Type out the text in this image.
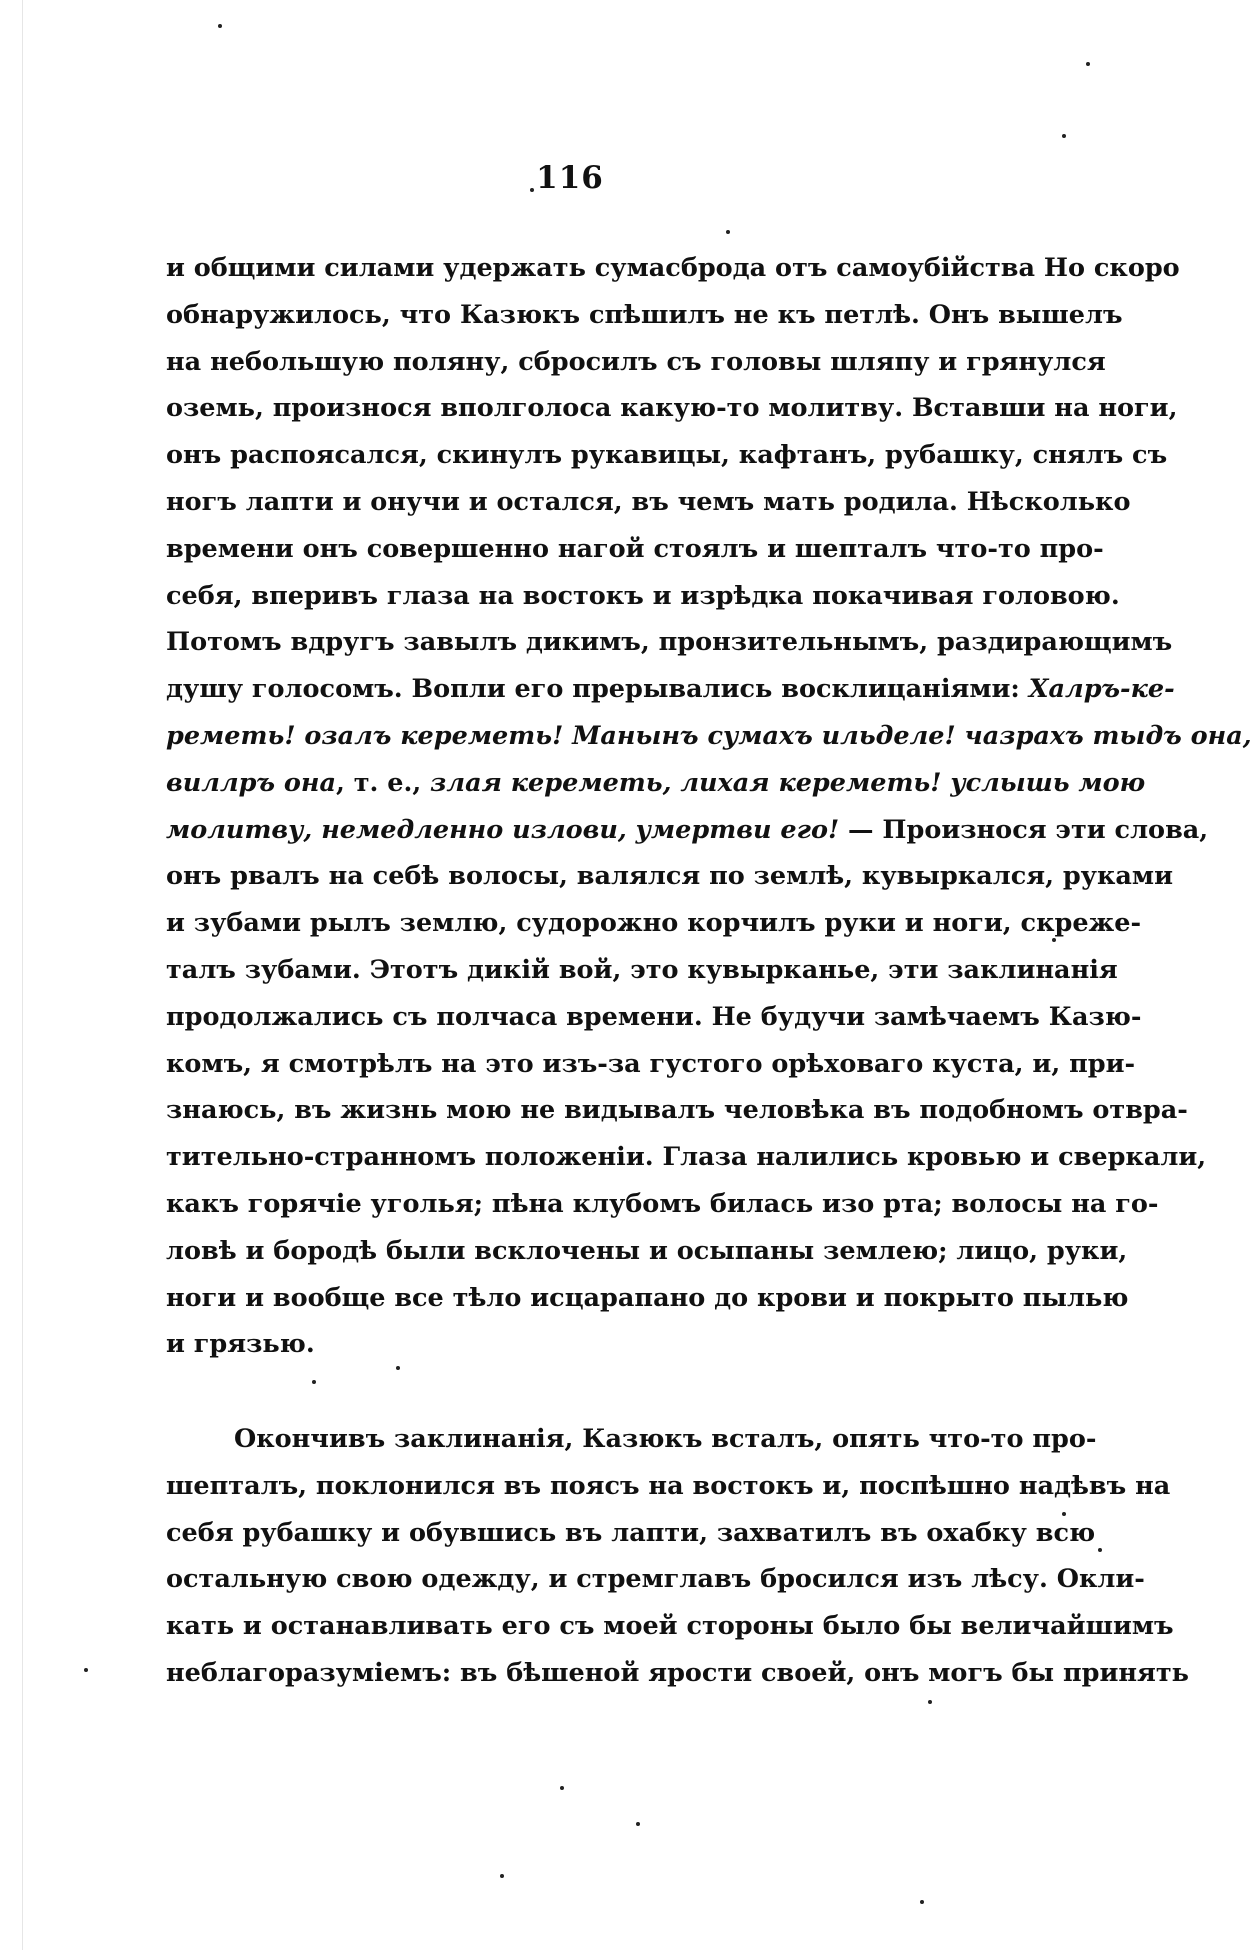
116
и общими силами удержать сумасброда отъ самоубійства Но скоро
обнаружилось, что Казюкъ спѣшилъ не къ петлѣ. Онъ вышелъ
на небольшую поляну, сбросилъ съ головы шляпу и грянулся
оземь, произнося вполголоса какую-то молитву. Вставши на ноги,
онъ распоясался, скинулъ рукавицы, кафтанъ, рубашку, снялъ съ
ногъ лапти и онучи и остался, въ чемъ мать родила. Нѣсколько
времени онъ совершенно нагой стоялъ и шепталъ что-то про-
себя, вперивъ глаза на востокъ и изрѣдка покачивая головою.
Потомъ вдругъ завылъ дикимъ, пронзительнымъ, раздирающимъ
душу голосомъ. Вопли его прерывались восклицаніями: Халръ-ке-
реметь! озалъ кереметь! Манынъ сумахъ ильделе! чазрахъ тыдъ она,
виллръ она, т. е., злая кереметь, лихая кереметь! услышь мою
молитву, немедленно излови, умертви его! — Произнося эти слова,
онъ рвалъ на себѣ волосы, валялся по землѣ, кувыркался, руками
и зубами рылъ землю, судорожно корчилъ руки и ноги, скреже-
талъ зубами. Этотъ дикій вой, это кувырканье, эти заклинанія
продолжались съ полчаса времени. Не будучи замѣчаемъ Казю-
комъ, я смотрѣлъ на это изъ-за густого орѣховаго куста, и, при-
знаюсь, въ жизнь мою не видывалъ человѣка въ подобномъ отвра-
тительно-странномъ положеніи. Глаза налились кровью и сверкали,
какъ горячіе уголья; пѣна клубомъ билась изо рта; волосы на го-
ловѣ и бородѣ были всклочены и осыпаны землею; лицо, руки,
ноги и вообще все тѣло исцарапано до крови и покрыто пылью
и грязью.
Окончивъ заклинанія, Казюкъ всталъ, опять что-то про-
шепталъ, поклонился въ поясъ на востокъ и, поспѣшно надѣвъ на
себя рубашку и обувшись въ лапти, захватилъ въ охабку всю
остальную свою одежду, и стремглавъ бросился изъ лѣсу. Окли-
кать и останавливать его съ моей стороны было бы величайшимъ
неблагоразуміемъ: въ бѣшеной ярости своей, онъ могъ бы принять
